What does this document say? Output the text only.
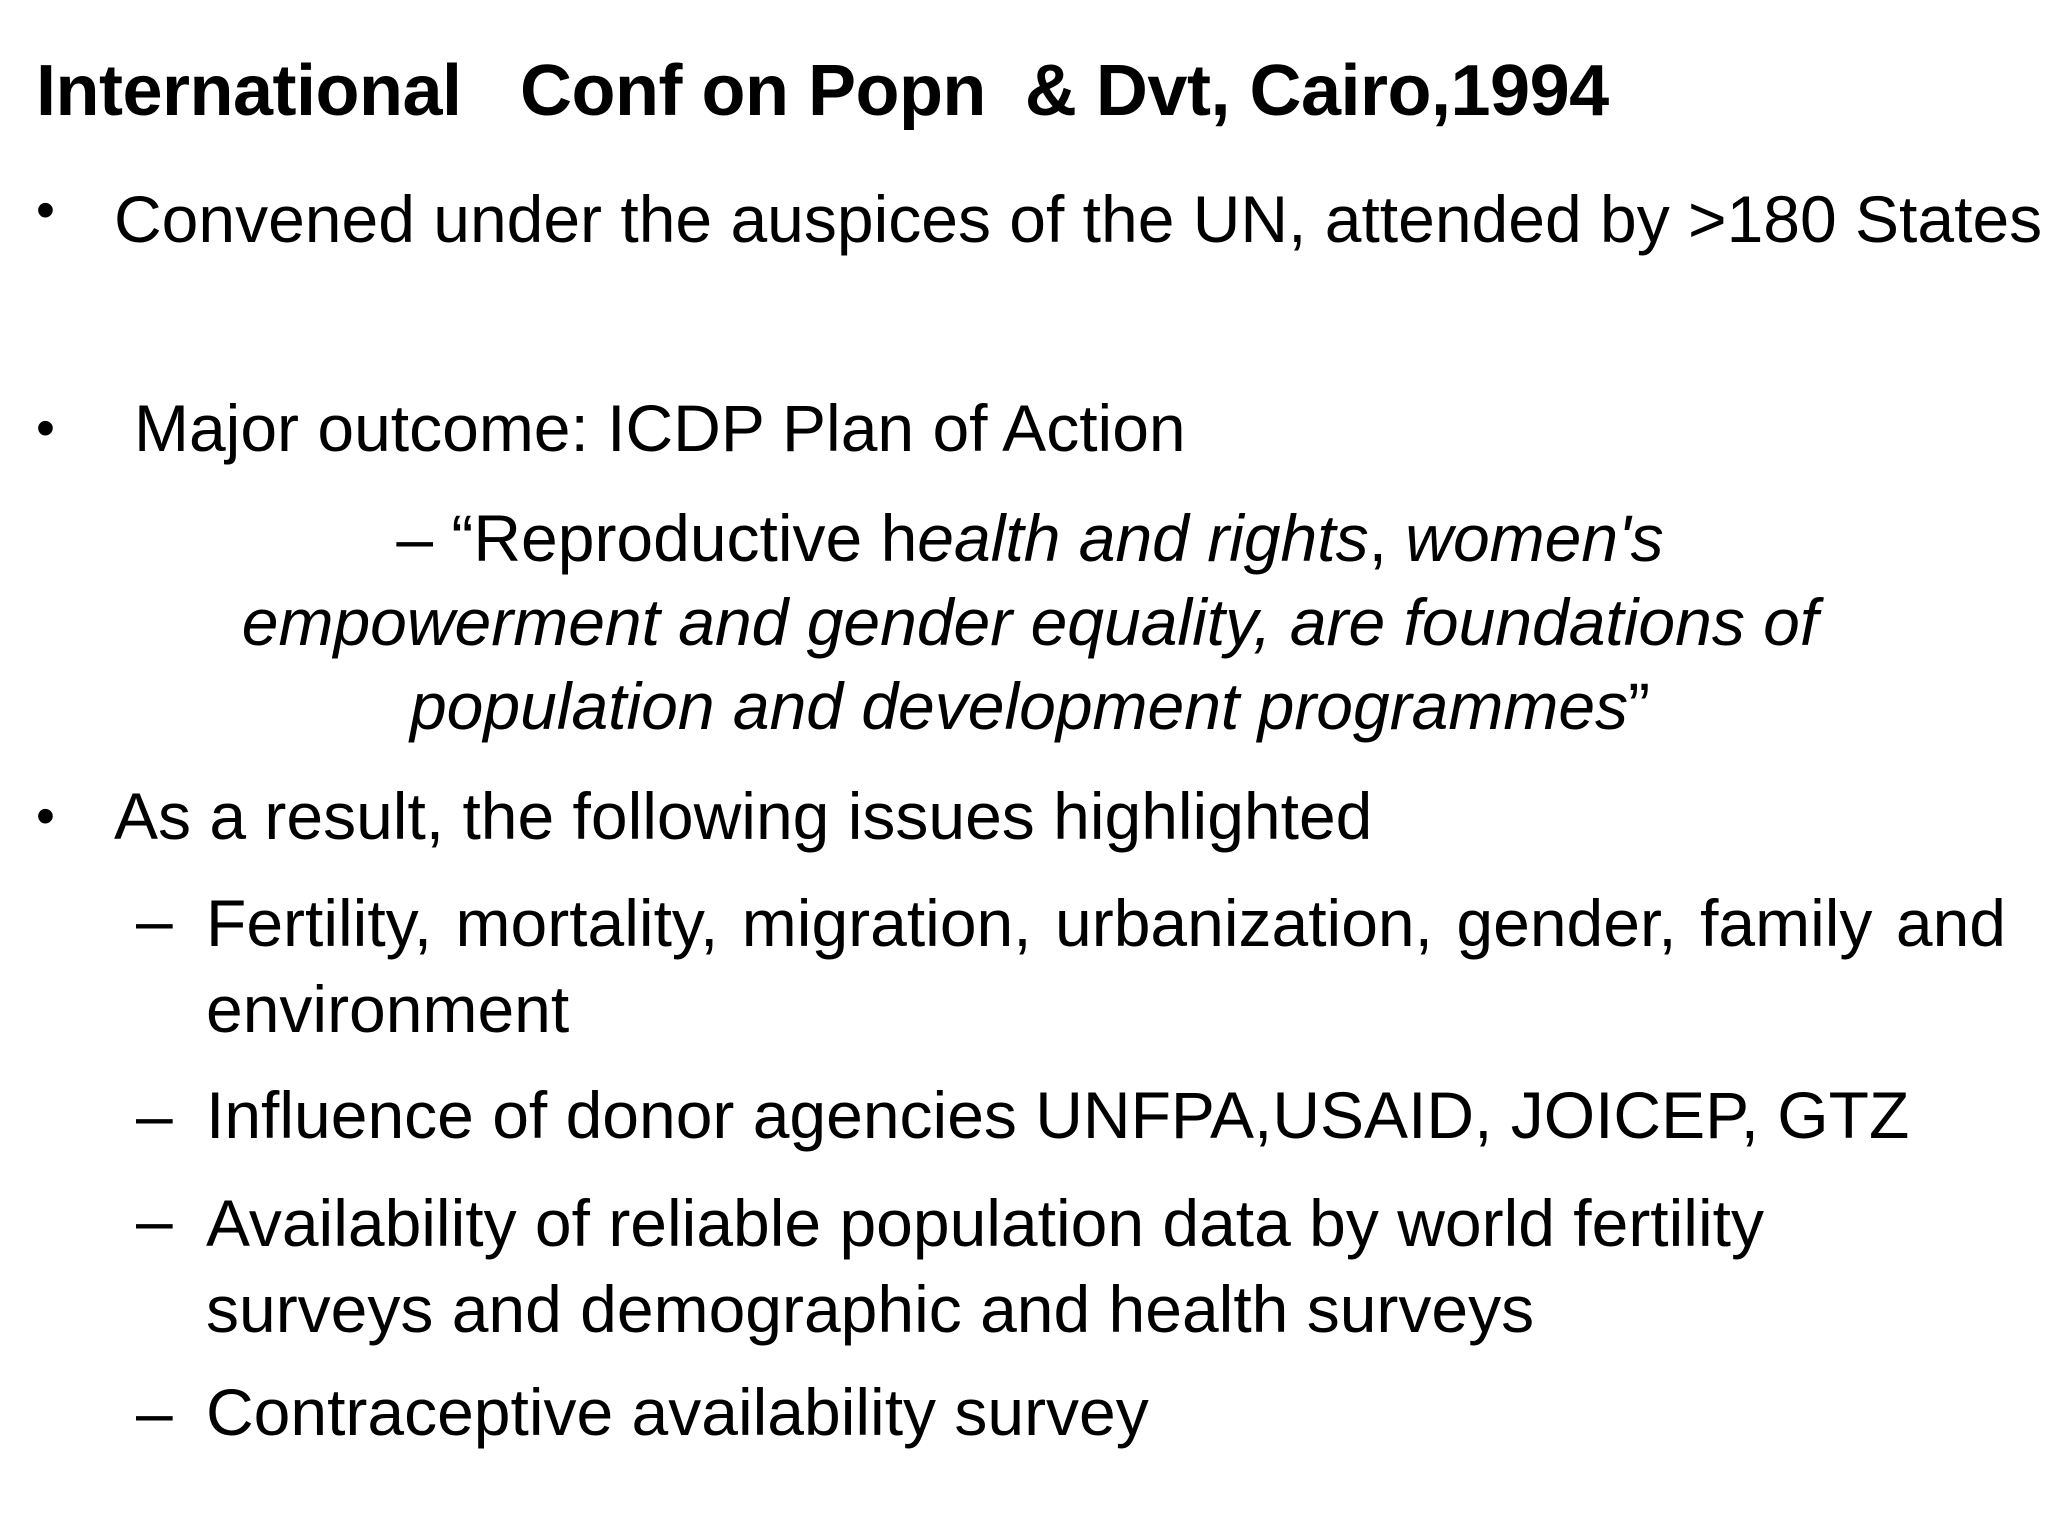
International   Conf on Popn  & Dvt, Cairo,1994
• Convened under the auspices of the UN, attended by >180 States
•	Major outcome: ICDP Plan of Action
– “Reproductive health and rights, women's empowerment and gender equality, are foundations of population and development programmes”
• As a result, the following issues highlighted
– Fertility, mortality, migration, urbanization, gender, family and environment
– Influence of donor agencies UNFPA,USAID, JOICEP, GTZ
– Availability of reliable population data by world fertility surveys and demographic and health surveys
– Contraceptive availability survey
